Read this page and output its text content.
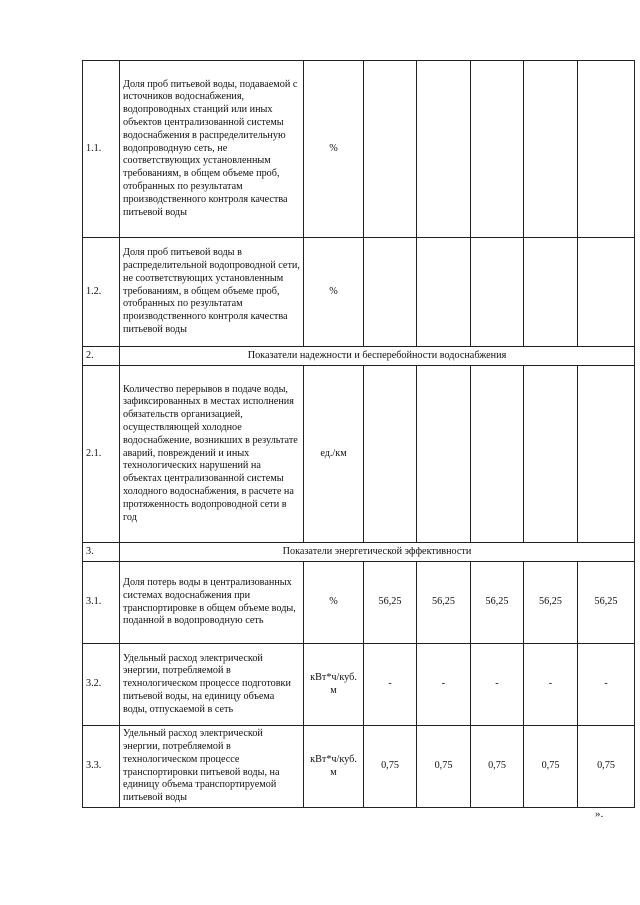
1.1.	Доля проб питьевой воды, подаваемой с источников водоснабжения, водопроводных станций или иных объектов централизованной системы водоснабжения в распределительную водопроводную сеть, не соответствующих установленным требованиям, в общем объеме проб, отобранных по результатам производственного контроля качества питьевой воды	%					
1.2.	Доля проб питьевой воды в распределительной водопроводной сети, не соответствующих установленным требованиям, в общем объеме проб, отобранных по результатам производственного контроля качества питьевой воды	%					
2.	Показатели надежности и бесперебойности водоснабжения						
2.1.	Количество перерывов в подаче воды, зафиксированных в местах исполнения обязательств организацией, осуществляющей холодное водоснабжение, возникших в результате аварий, повреждений и иных технологических нарушений на объектах централизованной системы холодного водоснабжения, в расчете на протяженность водопроводной сети в год	ед./км					
3.	Показатели энергетической эффективности						
3.1.	Доля потерь воды в централизованных системах водоснабжения при транспортировке в общем объеме воды, поданной в водопроводную сеть	%	56,25	56,25	56,25	56,25	56,25
3.2.	Удельный расход электрической энергии, потребляемой в технологическом процессе подготовки питьевой воды, на единицу объема воды, отпускаемой в сеть	кВт*ч/куб. м	-	-	-	-	-
3.3.	Удельный расход электрической энергии, потребляемой в технологическом процессе транспортировки питьевой воды, на единицу объема транспортируемой питьевой воды	кВт*ч/куб. м	0,75	0,75	0,75	0,75	0,75
».
